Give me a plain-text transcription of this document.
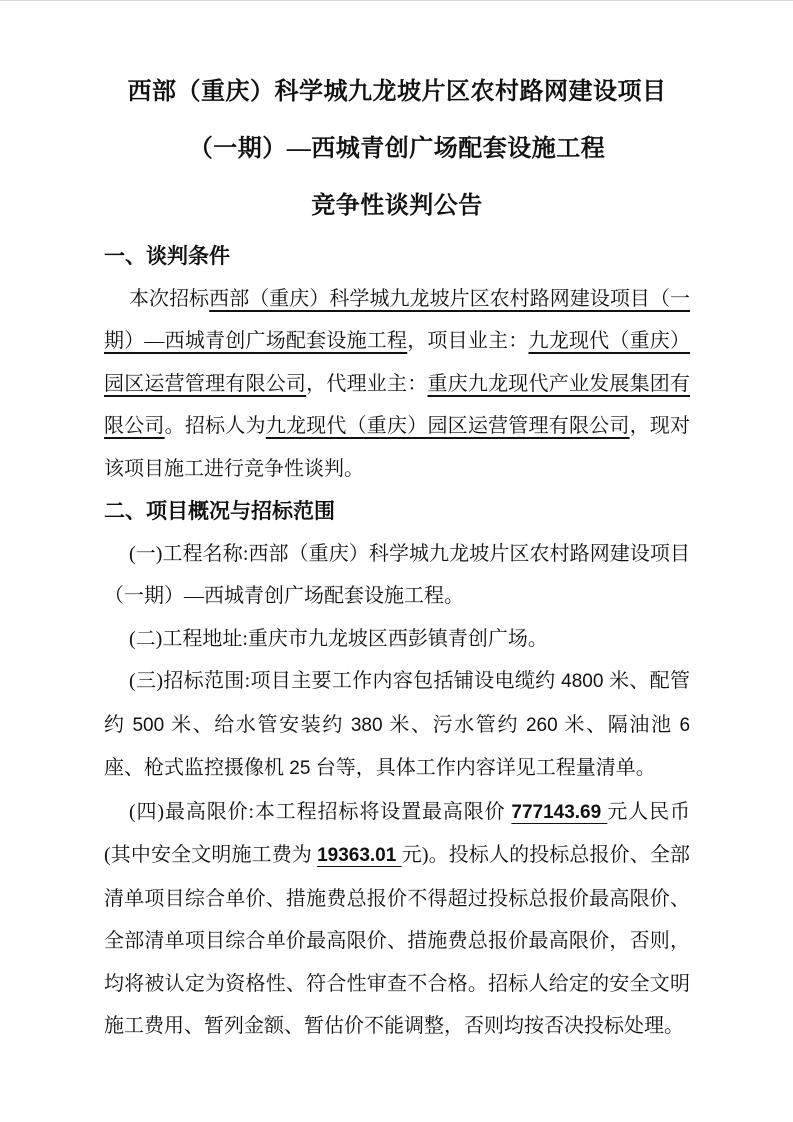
西部（重庆）科学城九龙坡片区农村路网建设项目
（一期）—西城青创广场配套设施工程
竞争性谈判公告
一、谈判条件

本次招标西部（重庆）科学城九龙坡片区农村路网建设项目（一期）—西城青创广场配套设施工程，项目业主：九龙现代（重庆）园区运营管理有限公司，代理业主：重庆九龙现代产业发展集团有限公司。招标人为九龙现代（重庆）园区运营管理有限公司，现对该项目施工进行竞争性谈判。

二、项目概况与招标范围

(一)工程名称:西部（重庆）科学城九龙坡片区农村路网建设项目（一期）—西城青创广场配套设施工程。

(二)工程地址:重庆市九龙坡区西彭镇青创广场。

(三)招标范围:项目主要工作内容包括铺设电缆约 4800 米、配管约 500 米、给水管安装约 380 米、污水管约 260 米、隔油池 6 座、枪式监控摄像机 25 台等，具体工作内容详见工程量清单。

(四)最高限价:本工程招标将设置最高限价 777143.69 元人民币(其中安全文明施工费为 19363.01 元)。投标人的投标总报价、全部清单项目综合单价、措施费总报价不得超过投标总报价最高限价、全部清单项目综合单价最高限价、措施费总报价最高限价，否则，均将被认定为资格性、符合性审查不合格。招标人给定的安全文明施工费用、暂列金额、暂估价不能调整，否则均按否决投标处理。
